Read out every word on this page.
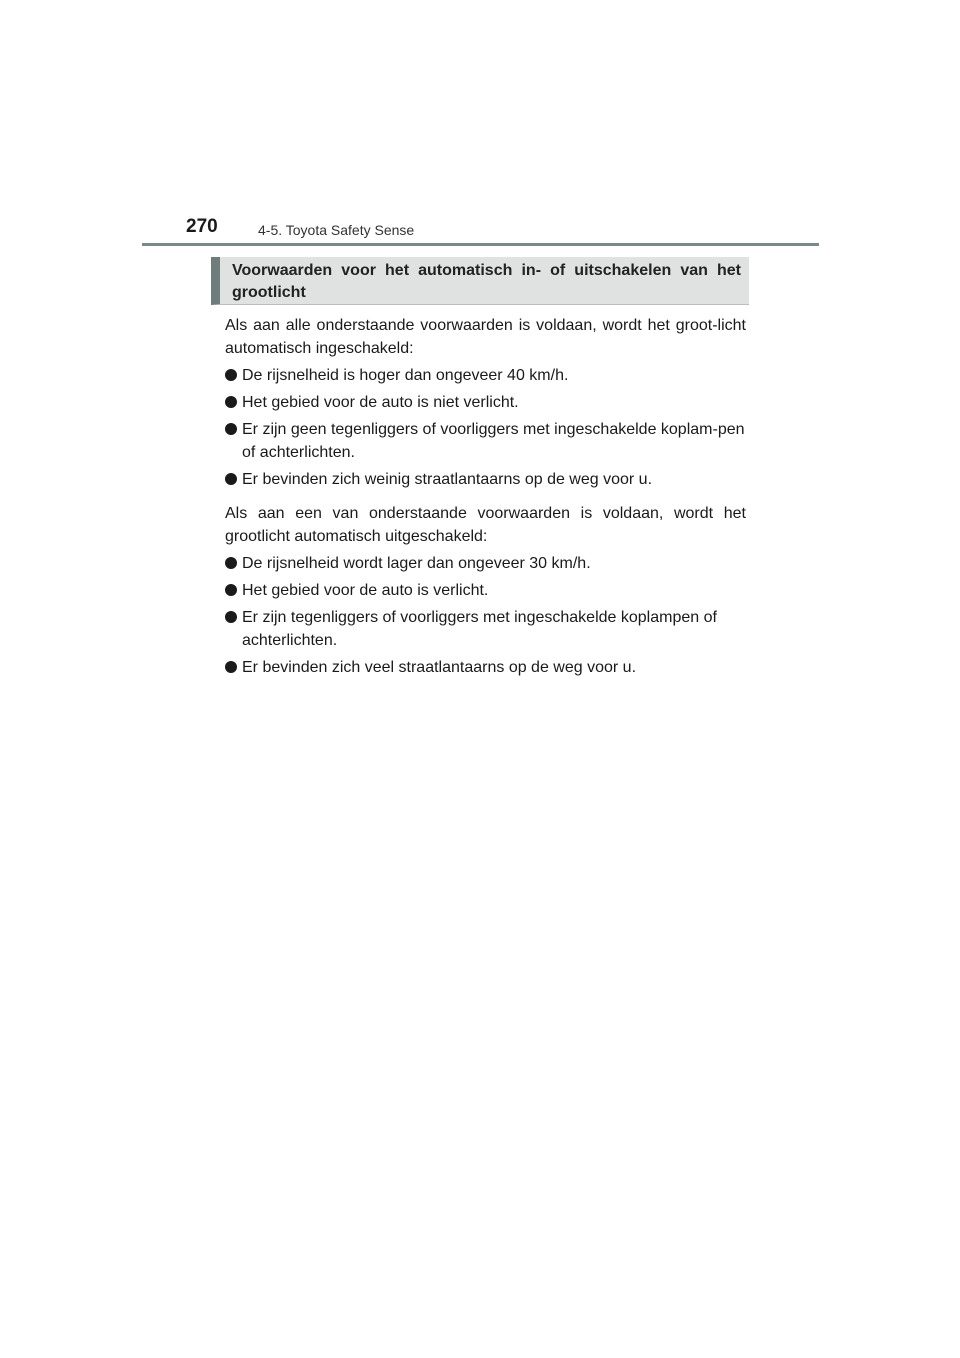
270	4-5. Toyota Safety Sense
Voorwaarden voor het automatisch in- of uitschakelen van het grootlicht

Als aan alle onderstaande voorwaarden is voldaan, wordt het groot-licht automatisch ingeschakeld:

De rijsnelheid is hoger dan ongeveer 40 km/h.
Het gebied voor de auto is niet verlicht.
Er zijn geen tegenliggers of voorliggers met ingeschakelde koplam-pen of achterlichten.
Er bevinden zich weinig straatlantaarns op de weg voor u.

Als aan een van onderstaande voorwaarden is voldaan, wordt het grootlicht automatisch uitgeschakeld:

De rijsnelheid wordt lager dan ongeveer 30 km/h.
Het gebied voor de auto is verlicht.
Er zijn tegenliggers of voorliggers met ingeschakelde koplampen of achterlichten.
Er bevinden zich veel straatlantaarns op de weg voor u.
